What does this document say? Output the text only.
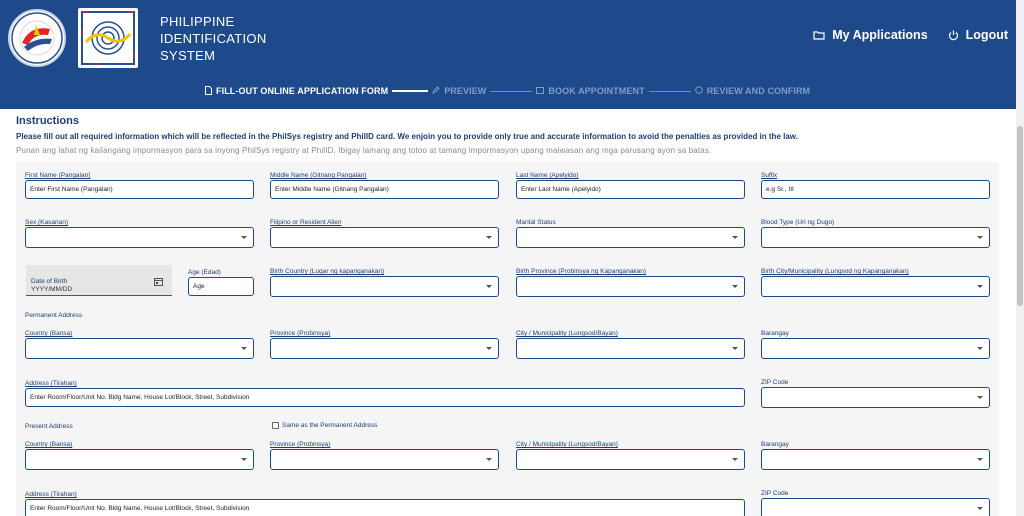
PHILIPPINE
IDENTIFICATION
SYSTEM
My Applications	Logout
FILL-OUT ONLINE APPLICATION FORM	PREVIEW	BOOK APPOINTMENT	REVIEW AND CONFIRM
Instructions
Please fill out all required information which will be reflected in the PhilSys registry and PhilID card. We enjoin you to provide only true and accurate information to avoid the penalties as provided in the law.
Punan ang lahat ng kailangang impormasyon para sa inyong PhilSys registry at PhilID. Ibigay lamang ang totoo at tamang impormasyon upang maiwasan ang mga parusang ayon sa batas.
First Name (Pangalan)
Enter First Name (Pangalan)
Middle Name (Gitnang Pangalan)
Enter Middle Name (Gitnang Pangalan)
Last Name (Apelyido)
Enter Last Name (Apelyido)
Suffix
e.g Sr., III
Sex (Kasarian)	Filipino or Resident Alien	Marital Status	Blood Type (Uri ng Dugo)
Date of Birth
YYYY/MM/DD
Age (Edad)
Age
Birth Country (Lugar ng kapanganakan)	Birth Province (Probinsya ng Kapanganakan)	Birth City/Municipality (Lungsod ng Kapanganakan)
Permanent Address
Country (Bansa)	Province (Probinsya)	City / Municipality (Lungsod/Bayan)	Barangay
Address (Tirahan)
Enter Room/Floor/Unit No. Bldg Name, House Lot/Block, Street, Subdivision
ZIP Code
Present Address	Same as the Permanent Address
Country (Bansa)	Province (Probinsya)	City / Municipality (Lungsod/Bayan)	Barangay
Address (Tirahan)
Enter Room/Floor/Unit No. Bldg Name, House Lot/Block, Street, Subdivision
ZIP Code
